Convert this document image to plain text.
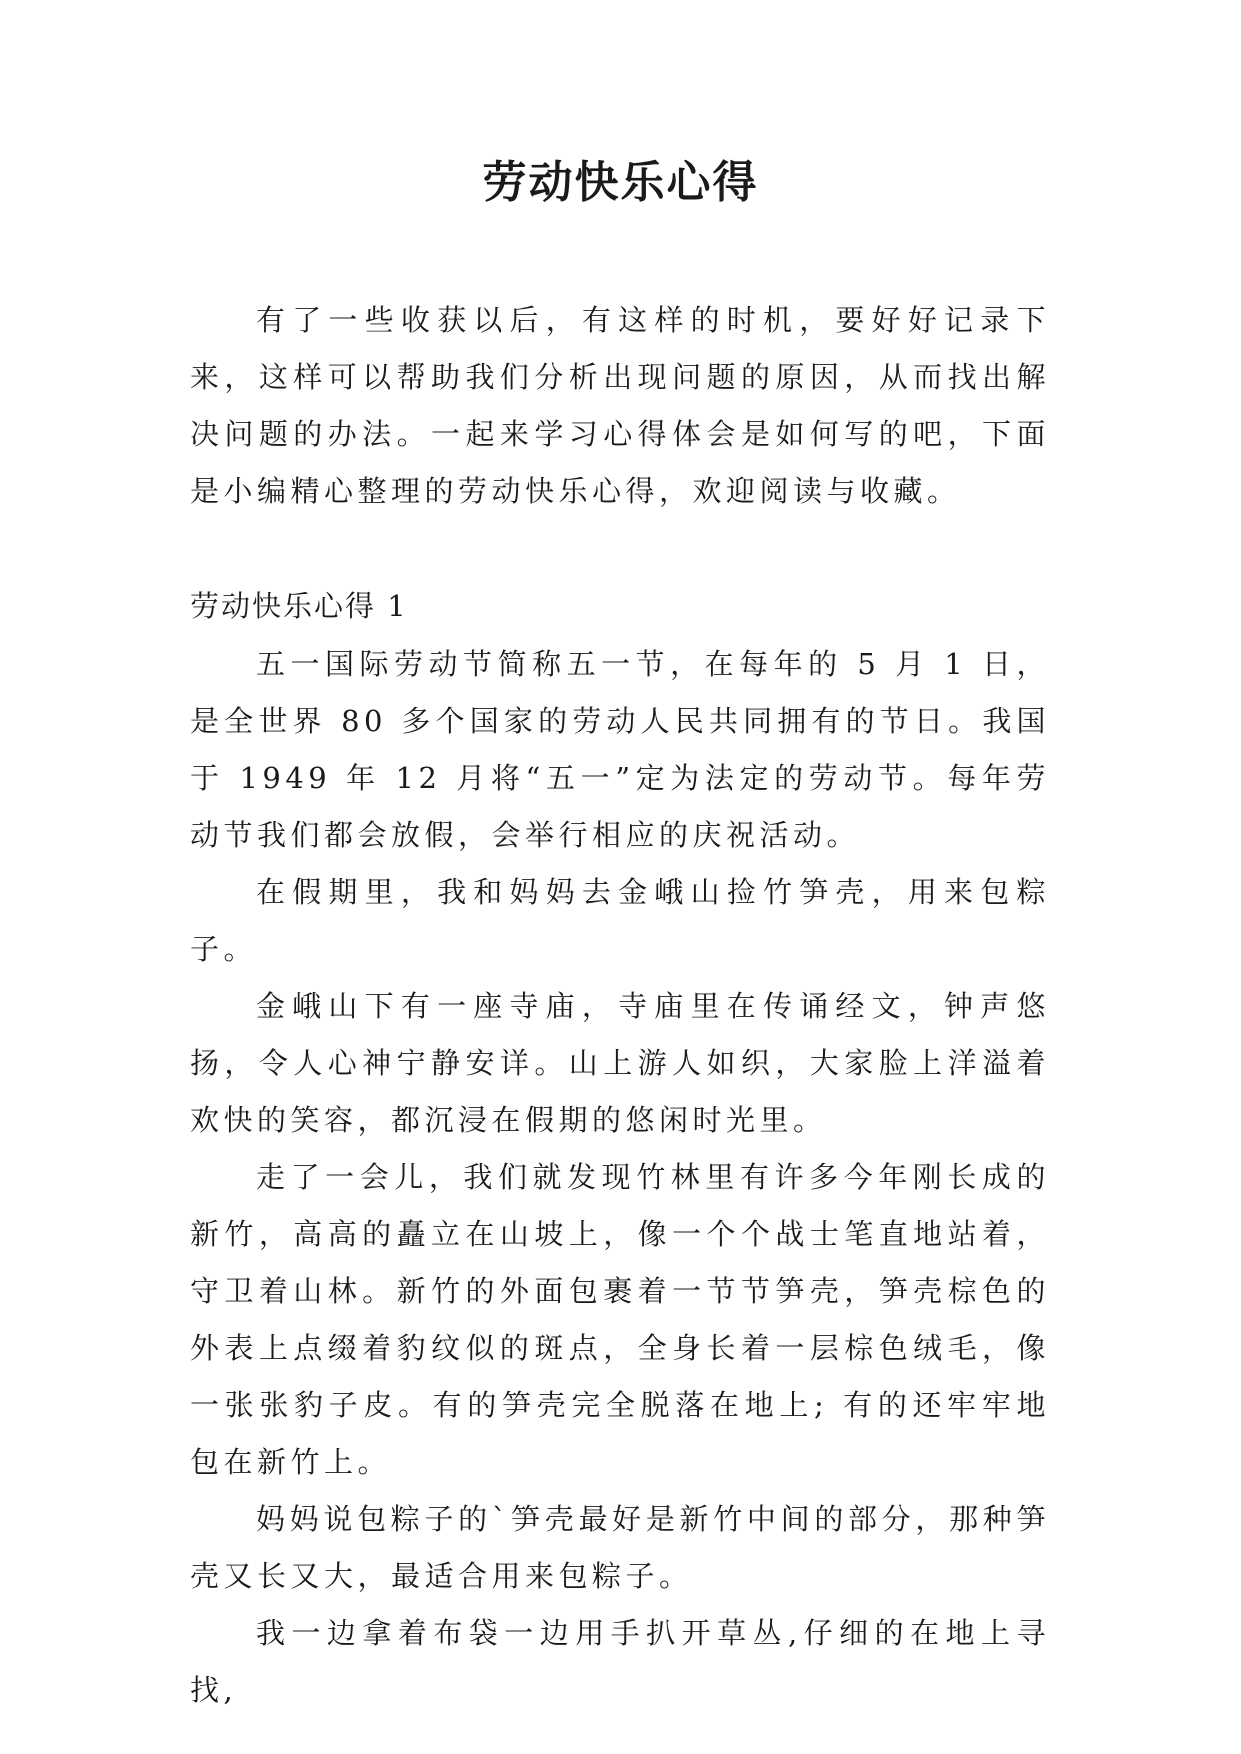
劳动快乐心得

有了一些收获以后，有这样的时机，要好好记录下来，这样可以帮助我们分析出现问题的原因，从而找出解决问题的办法。一起来学习心得体会是如何写的吧，下面是小编精心整理的劳动快乐心得，欢迎阅读与收藏。

劳动快乐心得 1

五一国际劳动节简称五一节，在每年的 5 月 1 日，是全世界 80 多个国家的劳动人民共同拥有的节日。我国于 1949 年 12 月将“五一”定为法定的劳动节。每年劳动节我们都会放假，会举行相应的庆祝活动。

在假期里，我和妈妈去金峨山捡竹笋壳，用来包粽子。

金峨山下有一座寺庙，寺庙里在传诵经文，钟声悠扬，令人心神宁静安详。山上游人如织，大家脸上洋溢着欢快的笑容，都沉浸在假期的悠闲时光里。

走了一会儿，我们就发现竹林里有许多今年刚长成的新竹，高高的矗立在山坡上，像一个个战士笔直地站着，守卫着山林。新竹的外面包裹着一节节笋壳，笋壳棕色的外表上点缀着豹纹似的斑点，全身长着一层棕色绒毛，像一张张豹子皮。有的笋壳完全脱落在地上; 有的还牢牢地包在新竹上。

妈妈说包粽子的`笋壳最好是新竹中间的部分，那种笋壳又长又大，最适合用来包粽子。

我一边拿着布袋一边用手扒开草丛,仔细的在地上寻找,
